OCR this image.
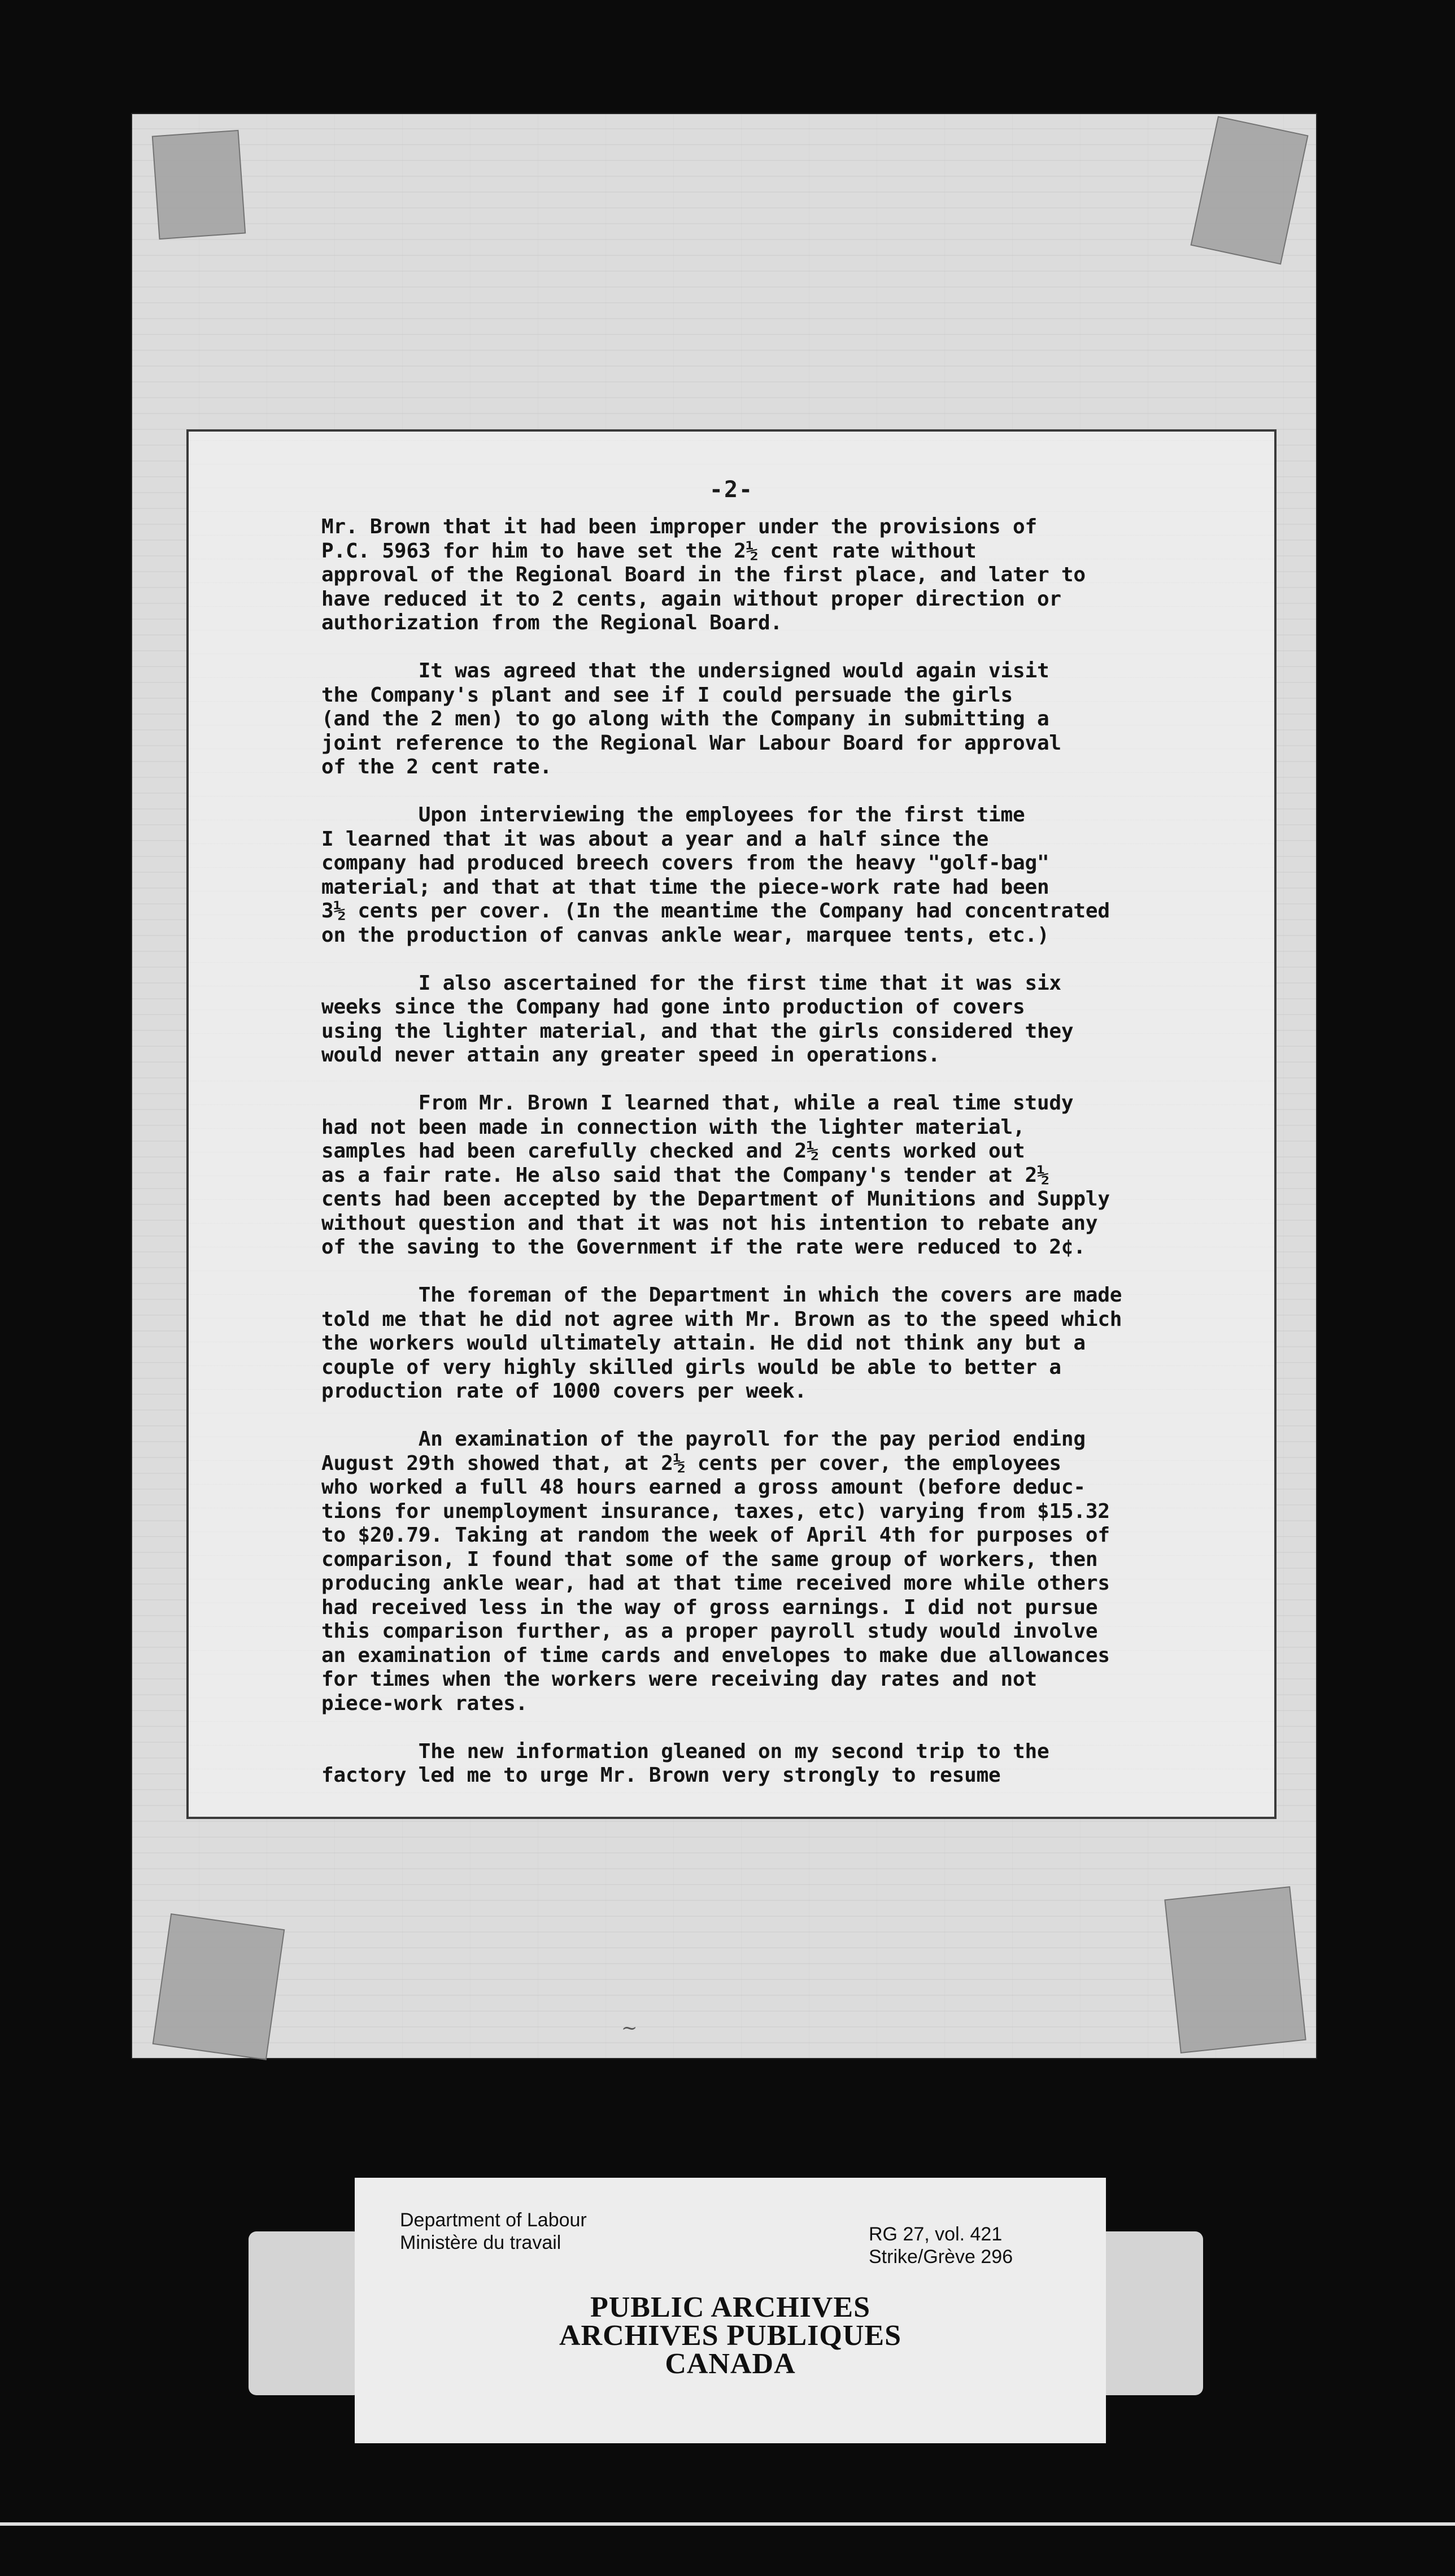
-2-
Mr. Brown that it had been improper under the provisions of
P.C. 5963 for him to have set the 2½ cent rate without
approval of the Regional Board in the first place, and later to
have reduced it to 2 cents, again without proper direction or
authorization from the Regional Board.
It was agreed that the undersigned would again visit
the Company's plant and see if I could persuade the girls
(and the 2 men) to go along with the Company in submitting a
joint reference to the Regional War Labour Board for approval
of the 2 cent rate.
Upon interviewing the employees for the first time
I learned that it was about a year and a half since the
company had produced breech covers from the heavy "golf-bag"
material; and that at that time the piece-work rate had been
3½ cents per cover. (In the meantime the Company had concentrated
on the production of canvas ankle wear, marquee tents, etc.)
I also ascertained for the first time that it was six
weeks since the Company had gone into production of covers
using the lighter material, and that the girls considered they
would never attain any greater speed in operations.
From Mr. Brown I learned that, while a real time study
had not been made in connection with the lighter material,
samples had been carefully checked and 2½ cents worked out
as a fair rate. He also said that the Company's tender at 2½
cents had been accepted by the Department of Munitions and Supply
without question and that it was not his intention to rebate any
of the saving to the Government if the rate were reduced to 2¢.
The foreman of the Department in which the covers are made
told me that he did not agree with Mr. Brown as to the speed which
the workers would ultimately attain. He did not think any but a
couple of very highly skilled girls would be able to better a
production rate of 1000 covers per week.
An examination of the payroll for the pay period ending
August 29th showed that, at 2½ cents per cover, the employees
who worked a full 48 hours earned a gross amount (before deduc-
tions for unemployment insurance, taxes, etc) varying from $15.32
to $20.79. Taking at random the week of April 4th for purposes of
comparison, I found that some of the same group of workers, then
producing ankle wear, had at that time received more while others
had received less in the way of gross earnings. I did not pursue
this comparison further, as a proper payroll study would involve
an examination of time cards and envelopes to make due allowances
for times when the workers were receiving day rates and not
piece-work rates.
The new information gleaned on my second trip to the
factory led me to urge Mr. Brown very strongly to resume
~
Department of Labour
Ministère du travail	RG 27, vol. 421
Strike/Grève 296
PUBLIC ARCHIVES
ARCHIVES PUBLIQUES
CANADA
